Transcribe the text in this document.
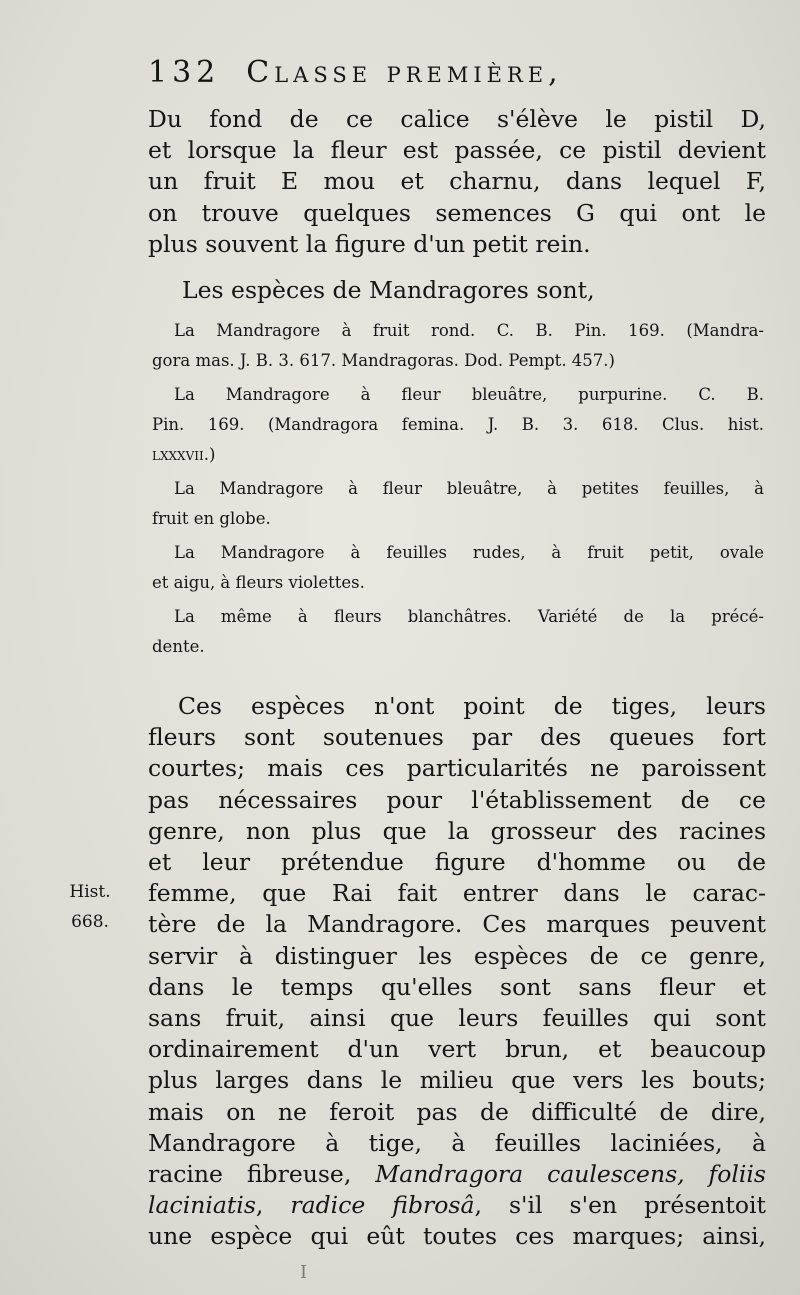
132 Classe première,

Du fond de ce calice s'élève le pistil D,
et lorsque la fleur est passée, ce pistil devient
un fruit E mou et charnu, dans lequel F,
on trouve quelques semences G qui ont le
plus souvent la figure d'un petit rein.

Les espèces de Mandragores sont,

La Mandragore à fruit rond. C. B. Pin. 169. (Mandra-
gora mas. J. B. 3. 617. Mandragoras. Dod. Pempt. 457.)

La Mandragore à fleur bleuâtre, purpurine. C. B.
Pin. 169. (Mandragora femina. J. B. 3. 618. Clus. hist.
lxxxvii.)

La Mandragore à fleur bleuâtre, à petites feuilles, à
fruit en globe.

La Mandragore à feuilles rudes, à fruit petit, ovale
et aigu, à fleurs violettes.

La même à fleurs blanchâtres. Variété de la précé-
dente.

Ces espèces n'ont point de tiges, leurs
fleurs sont soutenues par des queues fort
courtes; mais ces particularités ne paroissent
pas nécessaires pour l'établissement de ce
genre, non plus que la grosseur des racines
et leur prétendue figure d'homme ou de
femme, que Rai fait entrer dans le carac-
tère de la Mandragore. Ces marques peuvent
servir à distinguer les espèces de ce genre,
dans le temps qu'elles sont sans fleur et
sans fruit, ainsi que leurs feuilles qui sont
ordinairement d'un vert brun, et beaucoup
plus larges dans le milieu que vers les bouts;
mais on ne feroit pas de difficulté de dire,
Mandragore à tige, à feuilles laciniées, à
racine fibreuse, Mandragora caulescens, foliis
laciniatis, radice fibrosâ, s'il s'en présentoit
une espèce qui eût toutes ces marques; ainsi,

Hist.
668.
I
